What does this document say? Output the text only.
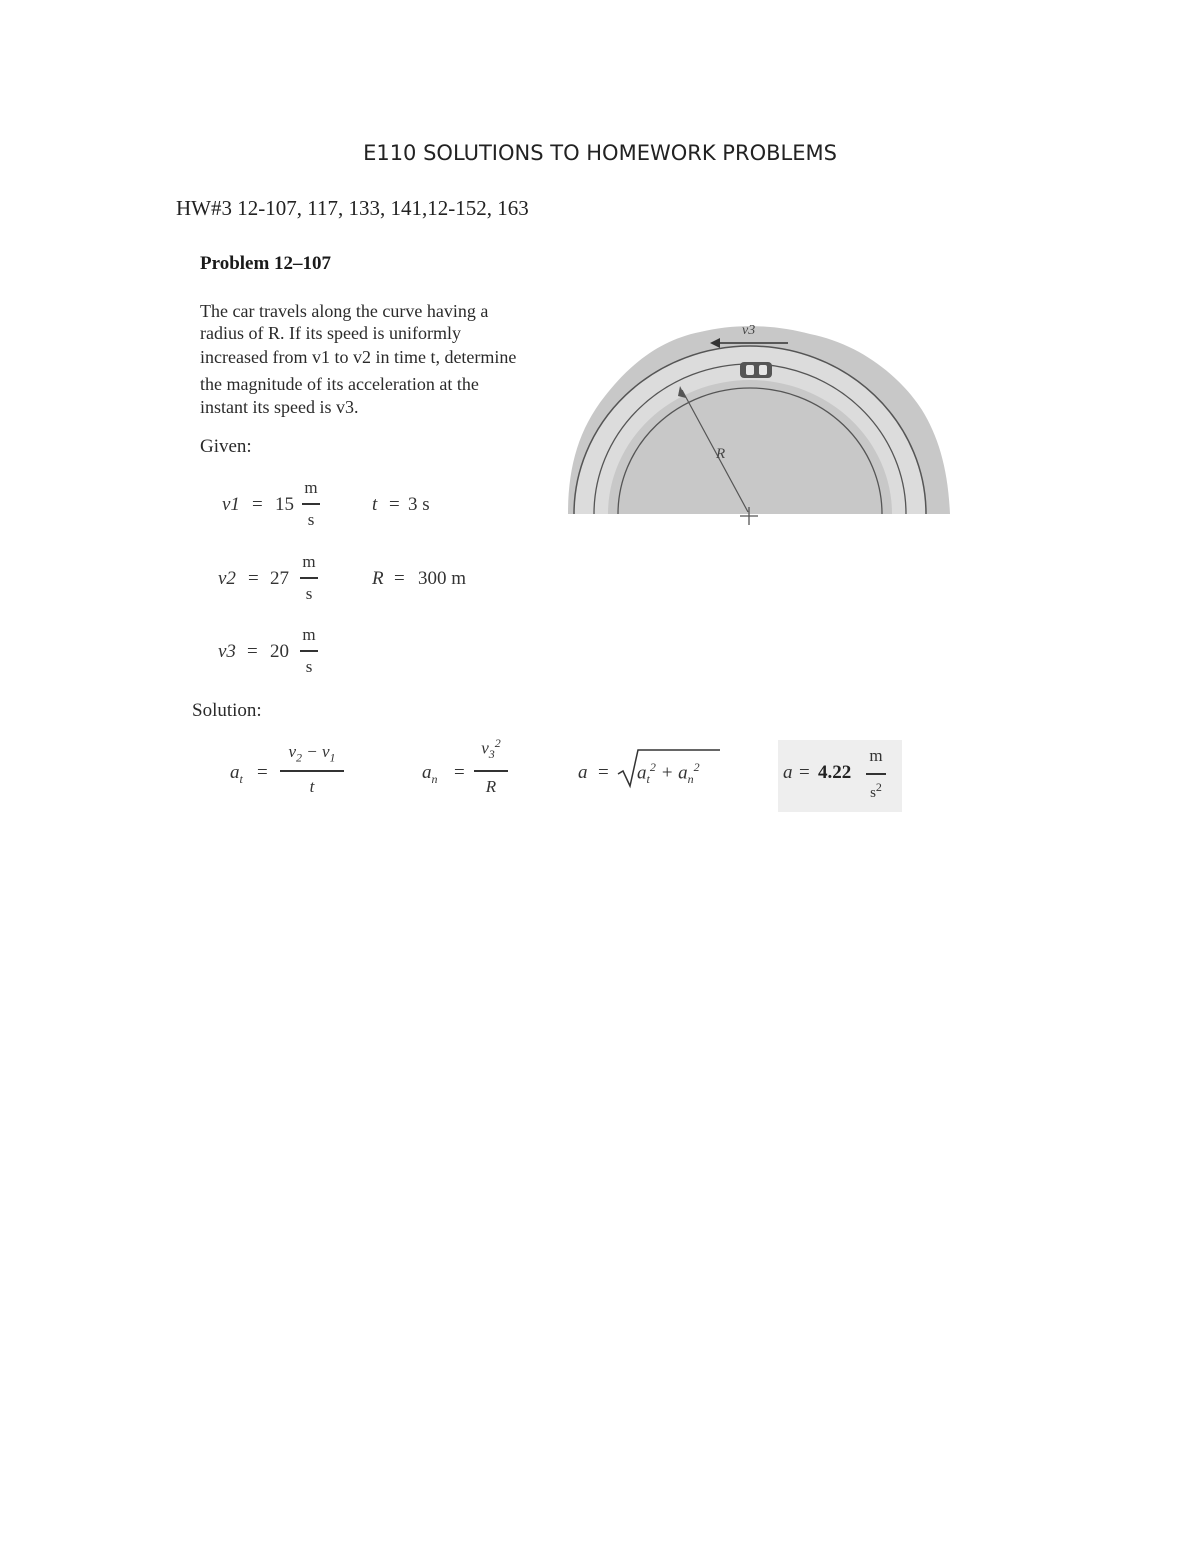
E110 SOLUTIONS TO HOMEWORK PROBLEMS
HW#3 12-107, 117, 133, 141,12-152, 163
Problem 12–107
The car travels along the curve having a
radius of R. If its speed is uniformly
increased from v1 to v2 in time t, determine
the magnitude of its acceleration at the
instant its speed is v3.
Given:
v1 = 15
m
s
t = 3 s
v2 = 27
m
s
R = 300 m
v3 = 20
m
s
Solution:
$a_t$ =
$v_2 - v_1$
t
$a_n$ =
$v_3^2$
R
$a = a_t^2 + a_n^2$	a = 4.22
m
$s^2$
v3
R
